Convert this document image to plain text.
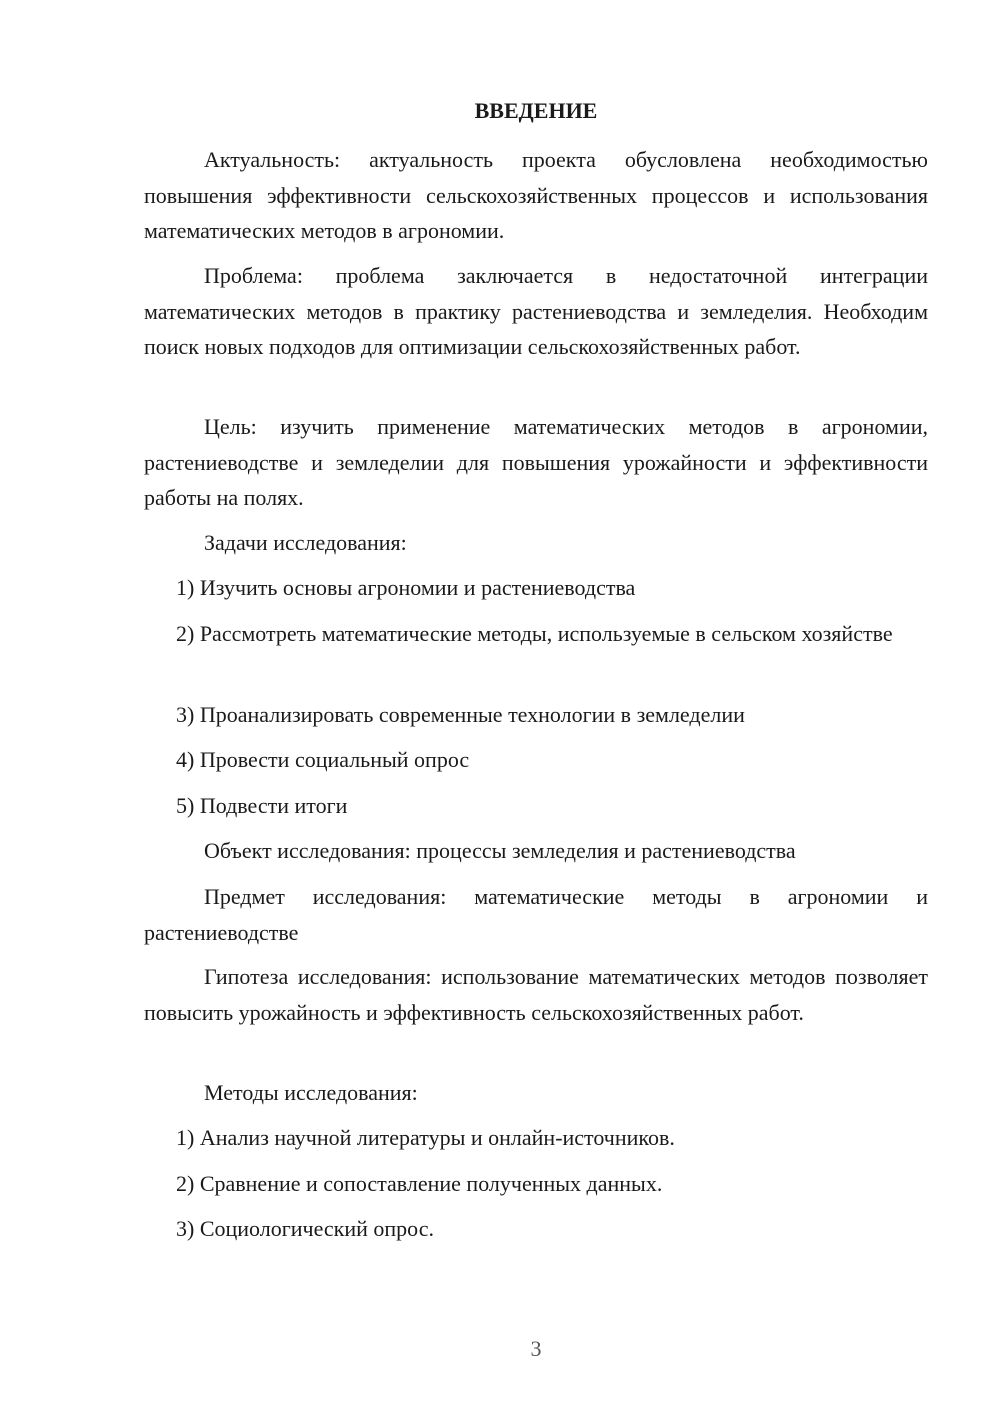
ВВЕДЕНИЕ

Актуальность: актуальность проекта обусловлена необходимостью повышения эффективности сельскохозяйственных процессов и использования математических методов в агрономии.

Проблема: проблема заключается в недостаточной интеграции математических методов в практику растениеводства и земледелия. Необходим поиск новых подходов для оптимизации сельскохозяйственных работ.

Цель: изучить применение математических методов в агрономии, растениеводстве и земледелии для повышения урожайности и эффективности работы на полях.

Задачи исследования:

1) Изучить основы агрономии и растениеводства

2) Рассмотреть математические методы, используемые в сельском хозяйстве

3) Проанализировать современные технологии в земледелии

4) Провести социальный опрос

5) Подвести итоги

Объект исследования: процессы земледелия и растениеводства

Предмет исследования: математические методы в агрономии и растениеводстве

Гипотеза исследования: использование математических методов позволяет повысить урожайность и эффективность сельскохозяйственных работ.

Методы исследования:

1) Анализ научной литературы и онлайн-источников.

2) Сравнение и сопоставление полученных данных.

3) Социологический опрос.

3
